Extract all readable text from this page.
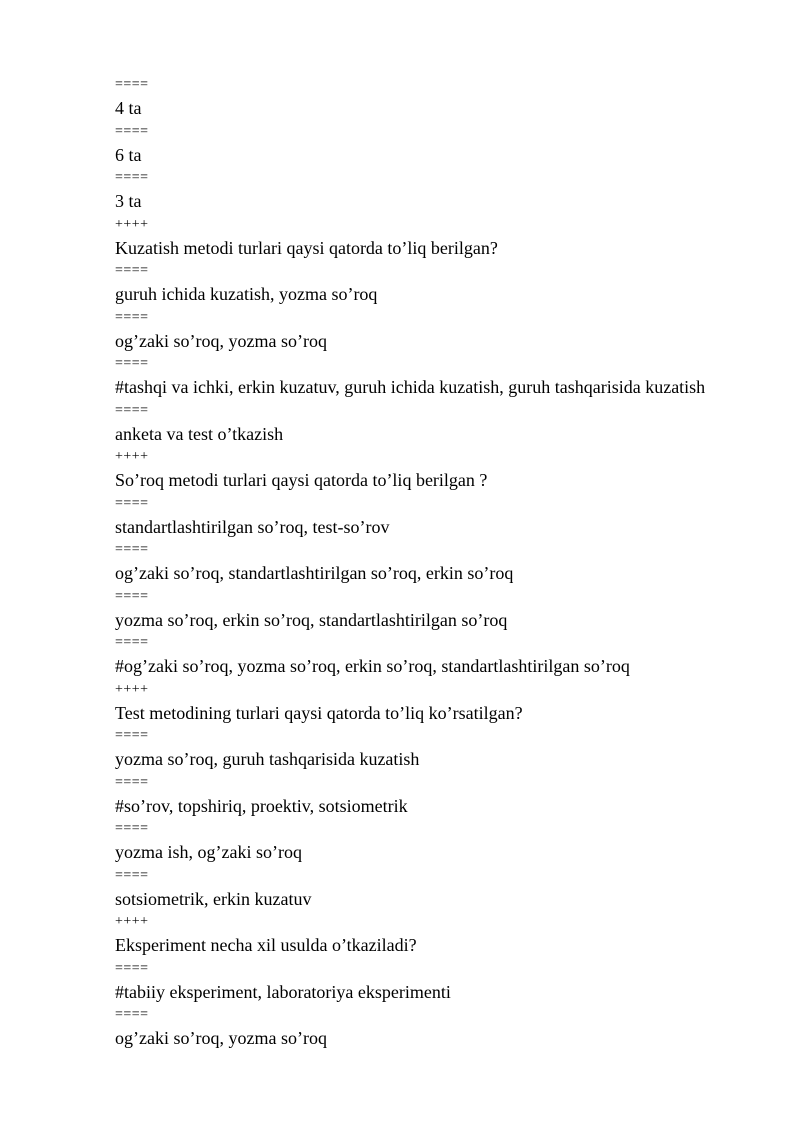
====

4 ta

====

6 ta

====

3 ta

++++

Kuzatish metodi turlari qaysi qatorda to’liq berilgan?

====

guruh ichida kuzatish, yozma so’roq

====

og’zaki so’roq, yozma so’roq

====

#tashqi va ichki, erkin kuzatuv, guruh ichida kuzatish, guruh tashqarisida kuzatish

====

anketa va test o’tkazish

++++

So’roq metodi turlari qaysi qatorda to’liq berilgan ?

====

standartlashtirilgan so’roq, test-so’rov

====

og’zaki so’roq, standartlashtirilgan so’roq, erkin so’roq

====

yozma so’roq, erkin so’roq, standartlashtirilgan so’roq

====

#og’zaki so’roq, yozma so’roq, erkin so’roq, standartlashtirilgan so’roq

++++

Test metodining turlari qaysi qatorda to’liq ko’rsatilgan?

====

yozma so’roq, guruh tashqarisida kuzatish

====

#so’rov, topshiriq, proektiv, sotsiometrik

====

yozma ish, og’zaki so’roq

====

sotsiometrik, erkin kuzatuv

++++

Eksperiment necha xil usulda o’tkaziladi?

====

#tabiiy eksperiment, laboratoriya eksperimenti

====

og’zaki so’roq, yozma so’roq
